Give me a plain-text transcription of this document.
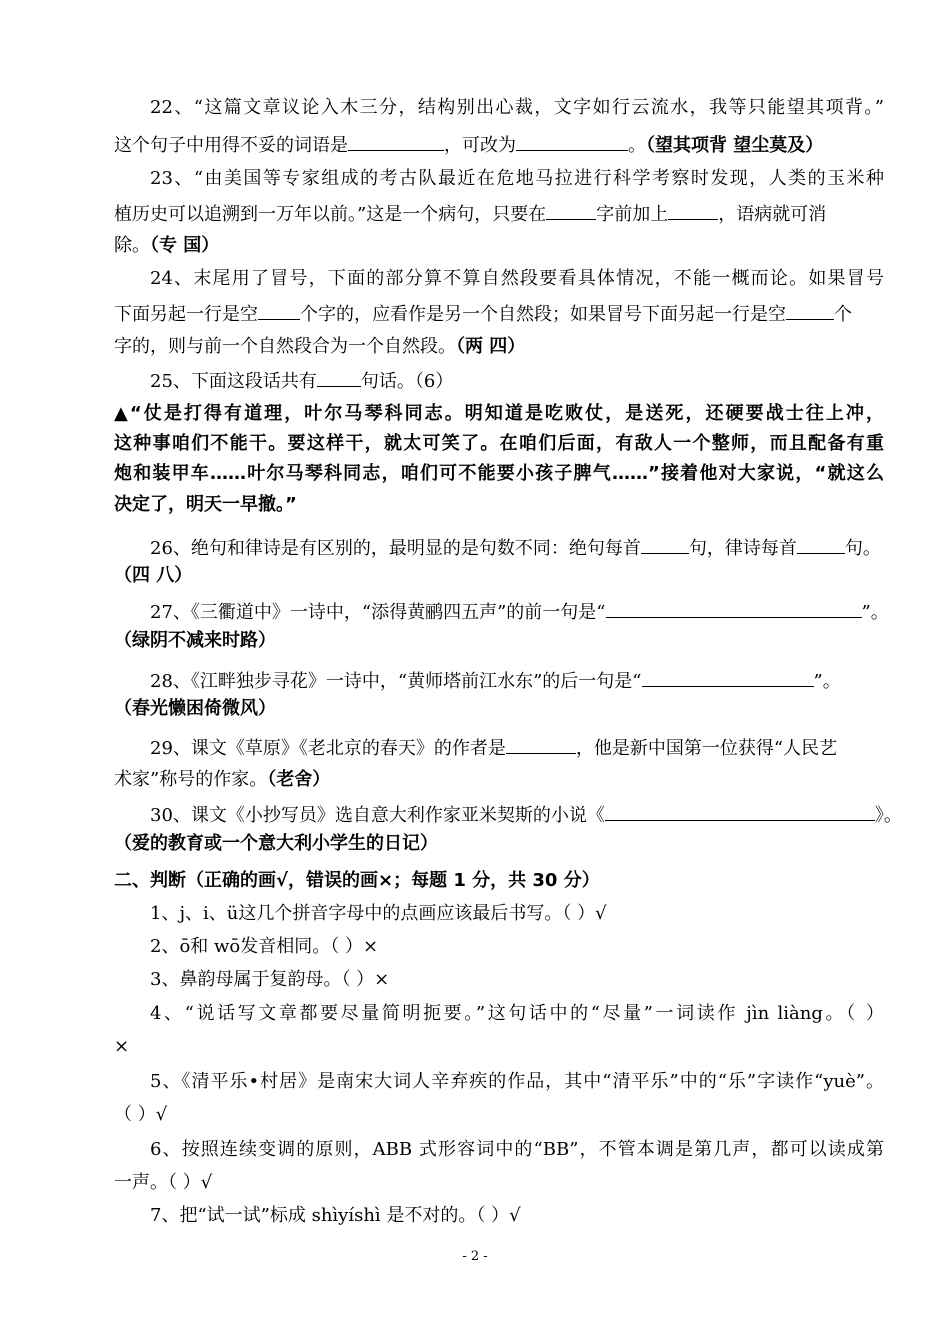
22、“这篇文章议论入木三分，结构别出心裁，文字如行云流水，我等只能望其项背。”
这个句子中用得不妥的词语是	，可改为	。（望其项背 望尘莫及）
23、“由美国等专家组成的考古队最近在危地马拉进行科学考察时发现，人类的玉米种
植历史可以追溯到一万年以前。”这是一个病句，只要在	字前加上	，语病就可消
除。（专 国）
24、末尾用了冒号，下面的部分算不算自然段要看具体情况，不能一概而论。如果冒号
下面另起一行是空 个字的，应看作是另一个自然段；如果冒号下面另起一行是空	个
字的，则与前一个自然段合为一个自然段。（两 四）
25、下面这段话共有 句话。（6）
▲“仗是打得有道理，叶尔马琴科同志。明知道是吃败仗，是送死，还硬要战士往上冲，
这种事咱们不能干。要这样干，就太可笑了。在咱们后面，有敌人一个整师，而且配备有重
炮和装甲车……叶尔马琴科同志，咱们可不能要小孩子脾气……”接着他对大家说，“就这么
决定了，明天一早撤。”
26、绝句和律诗是有区别的，最明显的是句数不同：绝句每首	句，律诗每首	句。
（四 八）
27、《三衢道中》一诗中，“添得黄鹂四五声”的前一句是“	”。
（绿阴不减来时路）
28、《江畔独步寻花》一诗中，“黄师塔前江水东”的后一句是“	”。
（春光懒困倚微风）
29、课文《草原》《老北京的春天》的作者是	，他是新中国第一位获得“人民艺
术家”称号的作家。（老舍）
30、课文《小抄写员》选自意大利作家亚米契斯的小说《	》。
（爱的教育或一个意大利小学生的日记）
二、判断（正确的画√，错误的画×；每题 1 分，共 30 分）
1、j、i、ü这几个拼音字母中的点画应该最后书写。（ ）√
2、ō和 wō发音相同。（ ）×
3、鼻韵母属于复韵母。（ ）×
4、“说话写文章都要尽量简明扼要。”这句话中的“尽量”一词读作 jìn liàng。（ ）
×
5、《清平乐•村居》是南宋大词人辛弃疾的作品，其中“清平乐”中的“乐”字读作“yuè”。
（ ）√
6、按照连续变调的原则，ABB 式形容词中的“BB”，不管本调是第几声，都可以读成第
一声。（ ）√
7、把“试一试”标成 shìyíshì 是不对的。（ ）√
- 2 -
